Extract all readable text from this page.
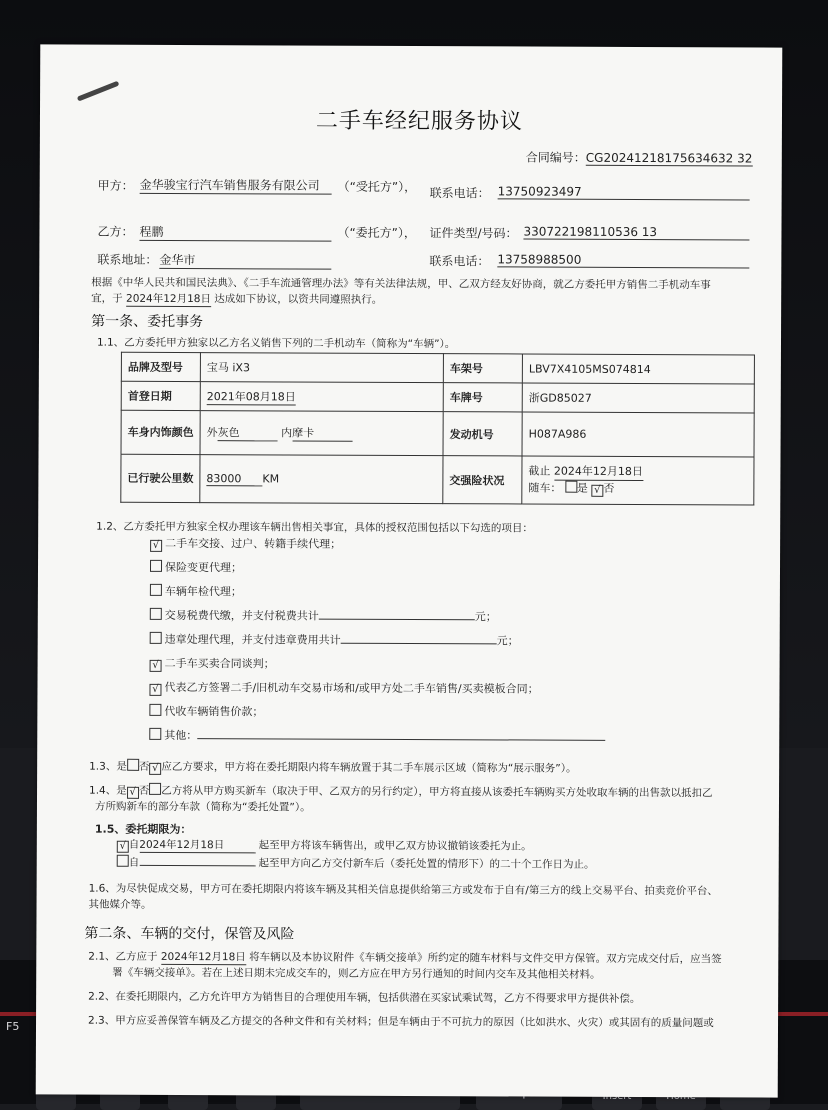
F5
二手车经纪服务协议
合同编号：CG20241218175634632 32
甲方： 金华骏宝行汽车销售服务有限公司	（“受托方”）， 联系电话： 13750923497
乙方： 程鹏	（“委托方”）， 证件类型/号码： 330722198110536 13
联系地址： 金华市	联系电话： 13758988500
根据《中华人民共和国民法典》、《二手车流通管理办法》等有关法律法规，甲、乙双方经友好协商，就乙方委托甲方销售二手机动车事
宜，于 2024年12月18日 达成如下协议，以资共同遵照执行。
第一条、委托事务
1.1、乙方委托甲方独家以乙方名义销售下列的二手机动车（简称为“车辆”）。
品牌及型号	宝马 iX3	车架号	LBV7X4105MS074814
首登日期	2021年08月18日	车牌号	浙GD85027
车身内饰颜色	外灰色 内摩卡	发动机号	H087A986
已行驶公里数	83000 KM	交强险状况	截止 2024年12月18日
随车： 是 √ 否
1.2、乙方委托甲方独家全权办理该车辆出售相关事宜，具体的授权范围包括以下勾选的项目：
√ 二手车交接、过户、转籍手续代理；
保险变更代理；
车辆年检代理；
交易税费代缴，并支付税费共计	元；
违章处理代理，并支付违章费用共计	元；
√ 二手车买卖合同谈判；
√ 代表乙方签署二手/旧机动车交易市场和/或甲方处二手车销售/买卖模板合同；
代收车辆销售价款；
其他：
1.3、是 否 √ 应乙方要求，甲方将在委托期限内将车辆放置于其二手车展示区域（简称为“展示服务”）。
1.4、是 √ 否 乙方将从甲方购买新车（取决于甲、乙双方的另行约定），甲方将直接从该委托车辆购买方处收取车辆的出售款以抵扣乙
方所购新车的部分车款（简称为“委托处置”）。
1.5、委托期限为：
√ 自2024年12月18日	起至甲方将该车辆售出，或甲乙双方协议撤销该委托为止。
自	起至甲方向乙方交付新车后（委托处置的情形下）的二十个工作日为止。
1.6、为尽快促成交易，甲方可在委托期限内将该车辆及其相关信息提供给第三方或发布于自有/第三方的线上交易平台、拍卖竞价平台、
其他媒介等。
第二条、车辆的交付，保管及风险
2.1、乙方应于 2024年12月18日 将车辆以及本协议附件《车辆交接单》所约定的随车材料与文件交甲方保管。双方完成交付后，应当签
署《车辆交接单》。若在上述日期未完成交车的，则乙方应在甲方另行通知的时间内交车及其他相关材料。
2.2、在委托期限内，乙方允许甲方为销售目的合理使用车辆，包括供潜在买家试乘试驾，乙方不得要求甲方提供补偿。
2.3、甲方应妥善保管车辆及乙方提交的各种文件和有关材料；但是车辆由于不可抗力的原因（比如洪水、火灾）或其固有的质量问题或
